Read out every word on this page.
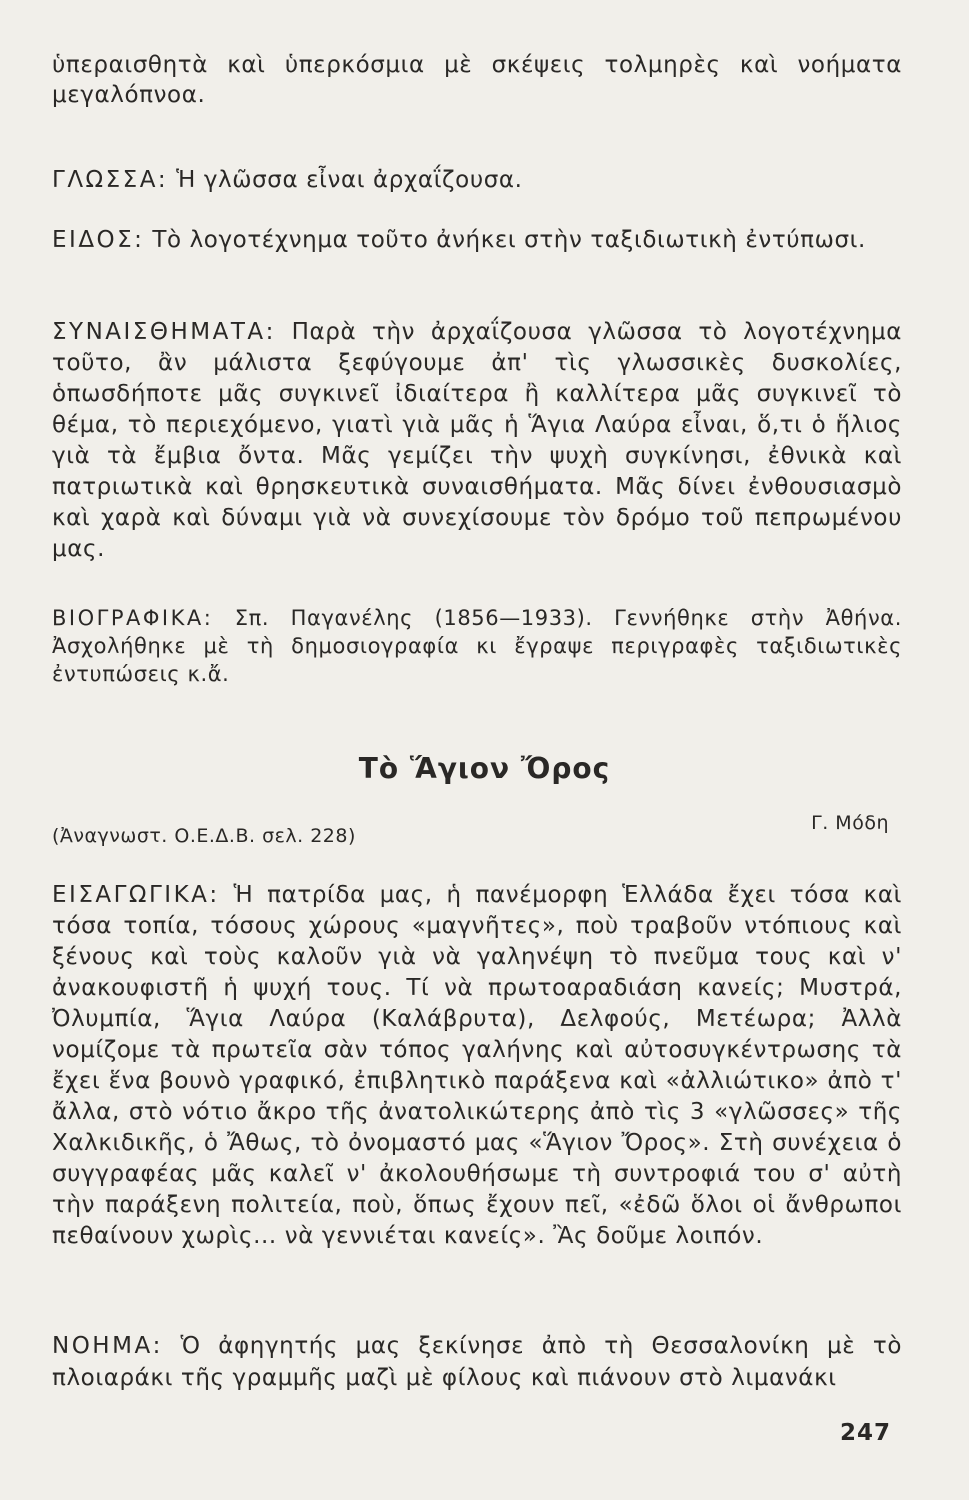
ὑπεραισθητὰ καὶ ὑπερκόσμια μὲ σκέψεις τολμηρὲς καὶ νοήματα μεγαλόπνοα.
ΓΛΩΣΣΑ: Ἡ γλῶσσα εἶναι ἀρχαΐζουσα.
ΕΙΔΟΣ: Τὸ λογοτέχνημα τοῦτο ἀνήκει στὴν ταξιδιωτικὴ ἐντύπωσι.
ΣΥΝΑΙΣΘΗΜΑΤΑ: Παρὰ τὴν ἀρχαΐζουσα γλῶσσα τὸ λογοτέχνημα τοῦτο, ἂν μάλιστα ξεφύγουμε ἀπ' τὶς γλωσσικὲς δυσκολίες, ὁπωσδήποτε μᾶς συγκινεῖ ἰδιαίτερα ἢ καλλίτερα μᾶς συγκινεῖ τὸ θέμα, τὸ περιεχόμενο, γιατὶ γιὰ μᾶς ἡ Ἅγια Λαύρα εἶναι, ὅ,τι ὁ ἥλιος γιὰ τὰ ἔμβια ὄντα. Μᾶς γεμίζει τὴν ψυχὴ συγκίνησι, ἐθνικὰ καὶ πατριωτικὰ καὶ θρησκευτικὰ συναισθήματα. Μᾶς δίνει ἐνθουσιασμὸ καὶ χαρὰ καὶ δύναμι γιὰ νὰ συνεχίσουμε τὸν δρόμο τοῦ πεπρωμένου μας.
ΒΙΟΓΡΑΦΙΚΑ: Σπ. Παγανέλης (1856—1933). Γεννήθηκε στὴν Ἀθήνα. Ἀσχολήθηκε μὲ τὴ δημοσιογραφία κι ἔγραψε περιγραφὲς ταξιδιωτικὲς ἐντυπώσεις κ.ἄ.
Τὸ Ἅγιον Ὄρος
(Ἀναγνωστ. Ο.Ε.Δ.Β. σελ. 228)
Γ. Μόδη
ΕΙΣΑΓΩΓΙΚΑ: Ἡ πατρίδα μας, ἡ πανέμορφη Ἑλλάδα ἔχει τόσα καὶ τόσα τοπία, τόσους χώρους «μαγνῆτες», ποὺ τραβοῦν ντόπιους καὶ ξένους καὶ τοὺς καλοῦν γιὰ νὰ γαληνέψη τὸ πνεῦμα τους καὶ ν' ἀνακουφιστῆ ἡ ψυχή τους. Τί νὰ πρωτοαραδιάση κανείς; Μυστρά, Ὀλυμπία, Ἅγια Λαύρα (Καλάβρυτα), Δελφούς, Μετέωρα; Ἀλλὰ νομίζομε τὰ πρωτεῖα σὰν τόπος γαλήνης καὶ αὐτοσυγκέντρωσης τὰ ἔχει ἕνα βουνὸ γραφικό, ἐπιβλητικὸ παράξενα καὶ «ἀλλιώτικο» ἀπὸ τ' ἄλλα, στὸ νότιο ἄκρο τῆς ἀνατολικώτερης ἀπὸ τὶς 3 «γλῶσσες» τῆς Χαλκιδικῆς, ὁ Ἄθως, τὸ ὀνομαστό μας «Ἅγιον Ὄρος». Στὴ συνέχεια ὁ συγγραφέας μᾶς καλεῖ ν' ἀκολουθήσωμε τὴ συντροφιά του σ' αὐτὴ τὴν παράξενη πολιτεία, ποὺ, ὅπως ἔχουν πεῖ, «ἐδῶ ὅλοι οἱ ἄνθρωποι πεθαίνουν χωρὶς... νὰ γεννιέται κανείς». Ἂς δοῦμε λοιπόν.
ΝΟΗΜΑ: Ὁ ἀφηγητής μας ξεκίνησε ἀπὸ τὴ Θεσσαλονίκη μὲ τὸ πλοιαράκι τῆς γραμμῆς μαζὶ μὲ φίλους καὶ πιάνουν στὸ λιμανάκι
247
